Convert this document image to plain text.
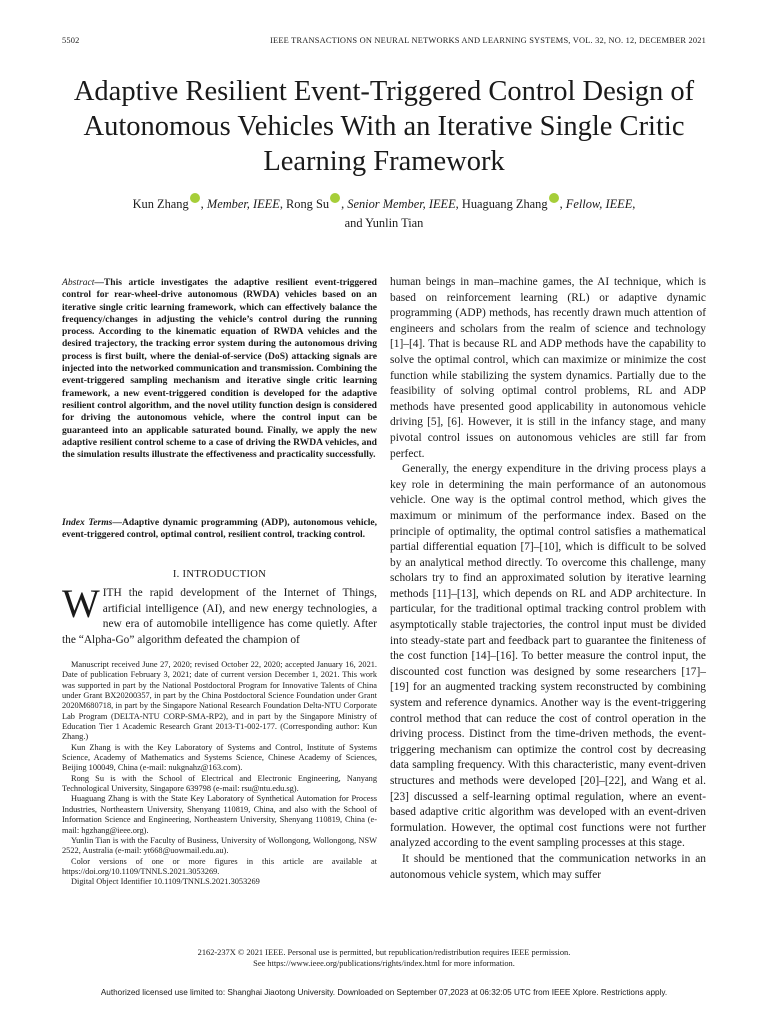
5502	IEEE TRANSACTIONS ON NEURAL NETWORKS AND LEARNING SYSTEMS, VOL. 32, NO. 12, DECEMBER 2021
Adaptive Resilient Event-Triggered Control Design of Autonomous Vehicles With an Iterative Single Critic Learning Framework
Kun Zhang , Member, IEEE, Rong Su , Senior Member, IEEE, Huaguang Zhang , Fellow, IEEE,
and Yunlin Tian
Abstract—This article investigates the adaptive resilient event-triggered control for rear-wheel-drive autonomous (RWDA) vehicles based on an iterative single critic learning framework, which can effectively balance the frequency/changes in adjusting the vehicle’s control during the running process. According to the kinematic equation of RWDA vehicles and the desired trajectory, the tracking error system during the autonomous driving process is first built, where the denial-of-service (DoS) attacking signals are injected into the networked communication and transmission. Combining the event-triggered sampling mechanism and iterative single critic learning framework, a new event-triggered condition is developed for the adaptive resilient control algorithm, and the novel utility function design is considered for driving the autonomous vehicle, where the control input can be guaranteed into an applicable saturated bound. Finally, we apply the new adaptive resilient control scheme to a case of driving the RWDA vehicles, and the simulation results illustrate the effectiveness and practicality successfully.
Index Terms—Adaptive dynamic programming (ADP), autonomous vehicle, event-triggered control, optimal control, resilient control, tracking control.
I. INTRODUCTION
WITH the rapid development of the Internet of Things, artificial intelligence (AI), and new energy technologies, a new era of automobile intelligence has come quietly. After the “Alpha-Go” algorithm defeated the champion of

Manuscript received June 27, 2020; revised October 22, 2020; accepted January 16, 2021. Date of publication February 3, 2021; date of current version December 1, 2021. This work was supported in part by the National Postdoctoral Program for Innovative Talents of China under Grant BX20200357, in part by the China Postdoctoral Science Foundation under Grant 2020M680718, in part by the Singapore National Research Foundation Delta-NTU Corporate Lab Program (DELTA-NTU CORP-SMA-RP2), and in part by the Singapore Ministry of Education Tier 1 Academic Research Grant 2013-T1-002-177. (Corresponding author: Kun Zhang.)

Kun Zhang is with the Key Laboratory of Systems and Control, Institute of Systems Science, Academy of Mathematics and Systems Science, Chinese Academy of Sciences, Beijing 100049, China (e-mail: nukgnahz@163.com).

Rong Su is with the School of Electrical and Electronic Engineering, Nanyang Technological University, Singapore 639798 (e-mail: rsu@ntu.edu.sg).

Huaguang Zhang is with the State Key Laboratory of Synthetical Automation for Process Industries, Northeastern University, Shenyang 110819, China, and also with the School of Information Science and Engineering, Northeastern University, Shenyang 110819, China (e-mail: hgzhang@ieee.org).

Yunlin Tian is with the Faculty of Business, University of Wollongong, Wollongong, NSW 2522, Australia (e-mail: yt668@uowmail.edu.au).

Color versions of one or more figures in this article are available at https://doi.org/10.1109/TNNLS.2021.3053269.

Digital Object Identifier 10.1109/TNNLS.2021.3053269

human beings in man–machine games, the AI technique, which is based on reinforcement learning (RL) or adaptive dynamic programming (ADP) methods, has recently drawn much attention of engineers and scholars from the realm of science and technology [1]–[4]. That is because RL and ADP methods have the capability to solve the optimal control, which can maximize or minimize the cost function while stabilizing the system dynamics. Partially due to the feasibility of solving optimal control problems, RL and ADP methods have presented good applicability in autonomous vehicle driving [5], [6]. However, it is still in the infancy stage, and many pivotal control issues on autonomous vehicles are still far from perfect.

Generally, the energy expenditure in the driving process plays a key role in determining the main performance of an autonomous vehicle. One way is the optimal control method, which gives the maximum or minimum of the performance index. Based on the principle of optimality, the optimal control satisfies a mathematical partial differential equation [7]–[10], which is difficult to be solved by an analytical method directly. To overcome this challenge, many scholars try to find an approximated solution by iterative learning methods [11]–[13], which depends on RL and ADP architecture. In particular, for the traditional optimal tracking control problem with asymptotically stable trajectories, the control input must be divided into steady-state part and feedback part to guarantee the finiteness of the cost function [14]–[16]. To better measure the control input, the discounted cost function was designed by some researchers [17]–[19] for an augmented tracking system reconstructed by combining system and reference dynamics. Another way is the event-triggering control method that can reduce the cost of control operation in the driving process. Distinct from the time-driven methods, the event-triggering mechanism can optimize the control cost by decreasing data sampling frequency. With this characteristic, many event-driven structures and methods were developed [20]–[22], and Wang et al. [23] discussed a self-learning optimal regulation, where an event-based adaptive critic algorithm was developed with an event-driven formulation. However, the optimal cost functions were not further analyzed according to the event sampling processes at this stage.

It should be mentioned that the communication networks in an autonomous vehicle system, which may suffer

2162-237X © 2021 IEEE. Personal use is permitted, but republication/redistribution requires IEEE permission.
See https://www.ieee.org/publications/rights/index.html for more information.
Authorized licensed use limited to: Shanghai Jiaotong University. Downloaded on September 07,2023 at 06:32:05 UTC from IEEE Xplore. Restrictions apply.
